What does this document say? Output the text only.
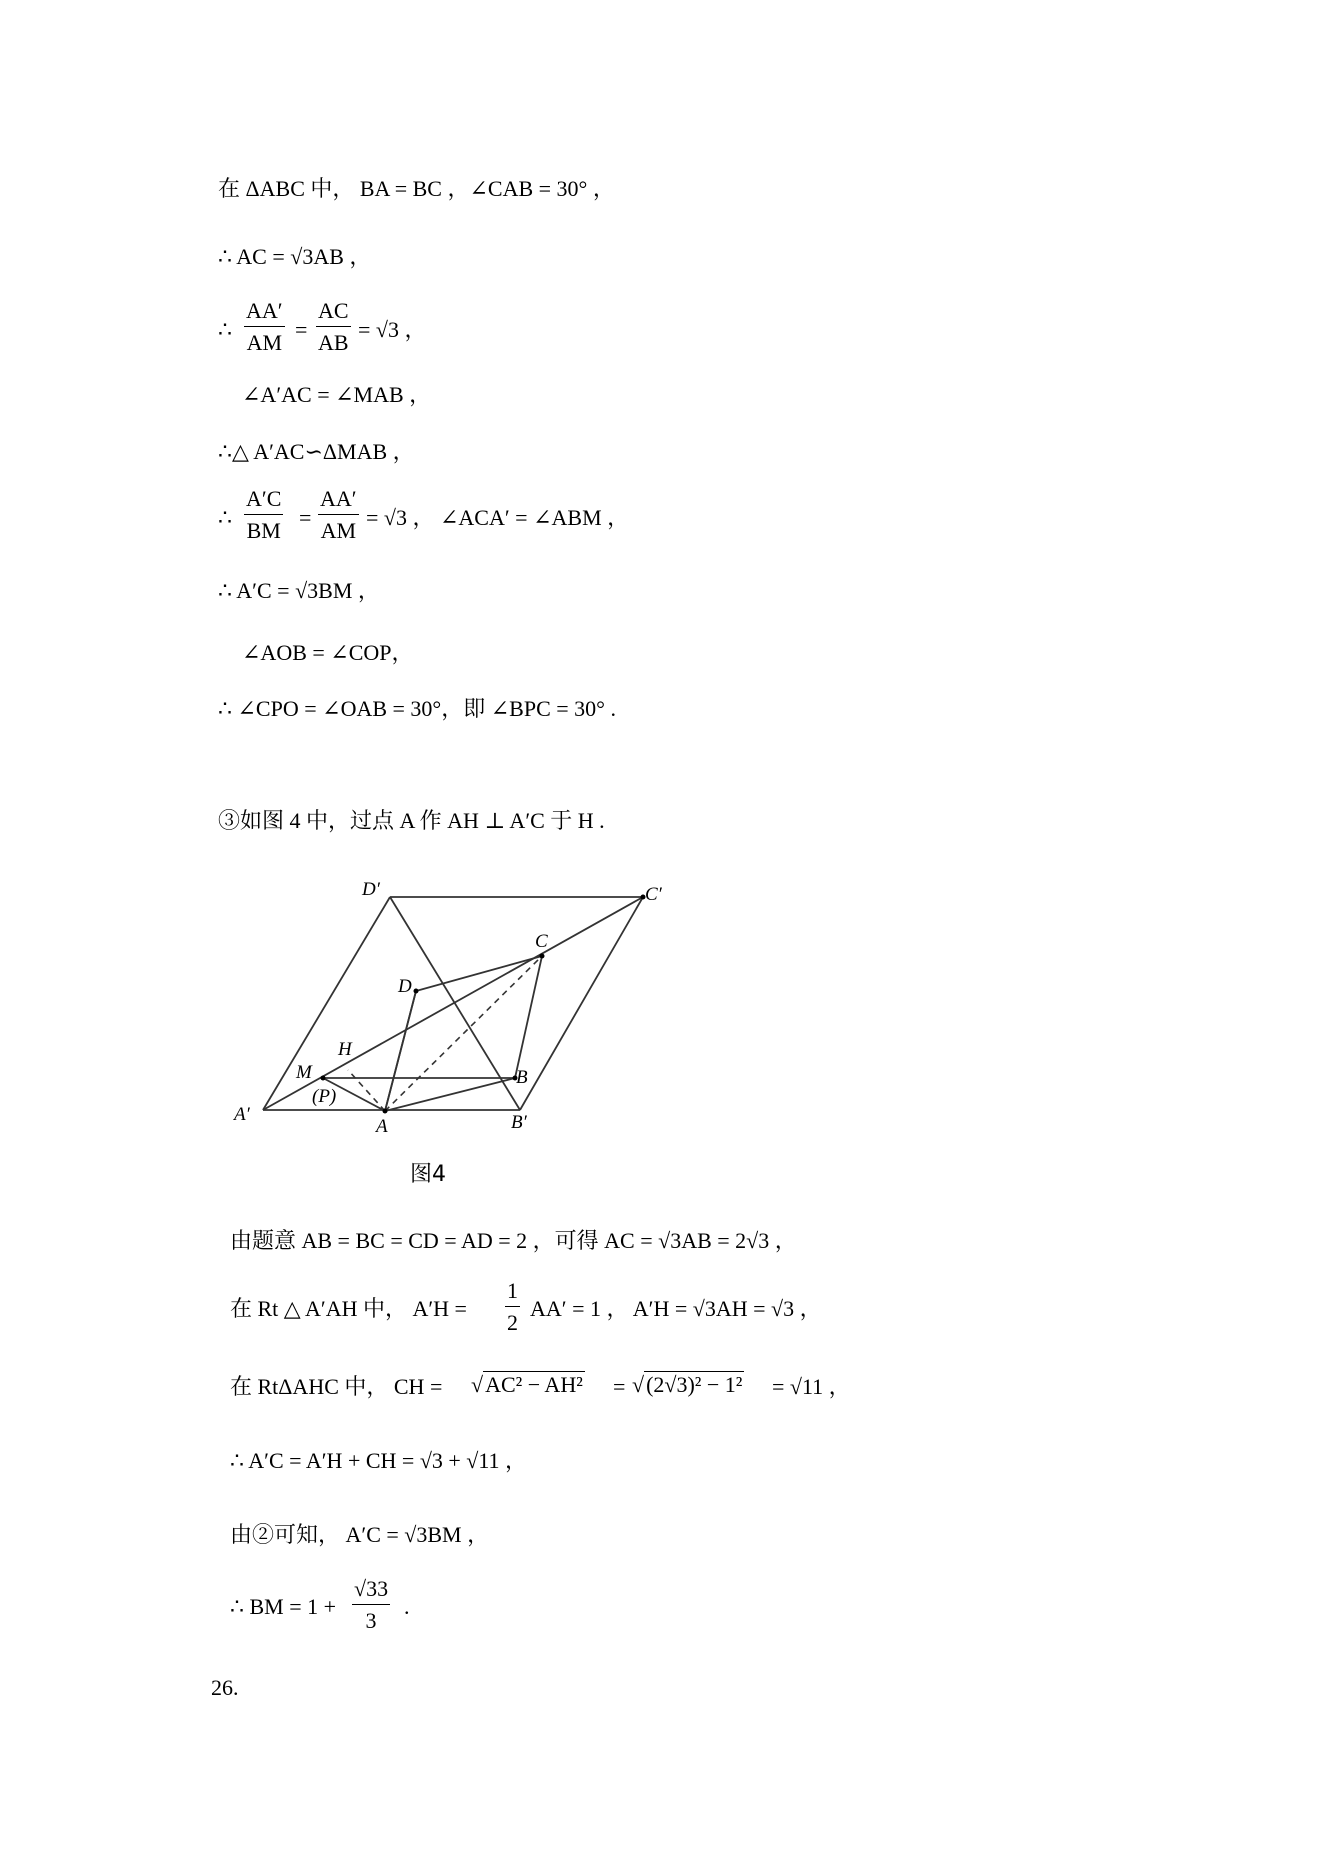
在 ΔABC 中， BA = BC ，∠CAB = 30° ，
∴ AC = √3AB ，
∴ $\frac{AA'}{AM} = \frac{AC}{AB} = √3$ ，
∠A′AC = ∠MAB ，
∴△ A′AC∽ΔMAB ，
∴ $\frac{A'C}{BM} = \frac{AA'}{AM} = √3$ ， ∠ACA′ = ∠ABM ，
∴ A′C = √3BM ，
∠AOB = ∠COP，
∴ ∠CPO = ∠OAB = 30°，即 ∠BPC = 30° .
③如图 4 中，过点 A 作 AH ⊥ A′C 于 H .
D′	C′
C
D
H
M
(P)
B
A′
A	B′
图4
由题意 AB = BC = CD = AD = 2 ，可得 AC = √3AB = 2√3 ，
在 Rt △ A′AH 中， $A'H = \frac{1}{2} AA' = 1$ ， A′H = √3AH = √3 ，
在 RtΔAHC 中， CH = √AC² − AH² = √(2√3)² − 1² = √11 ，
∴ A′C = A′H + CH = √3 + √11 ，
由②可知， A′C = √3BM ，
∴ BM = $1 + \frac{√33}{3}$ .
26.
